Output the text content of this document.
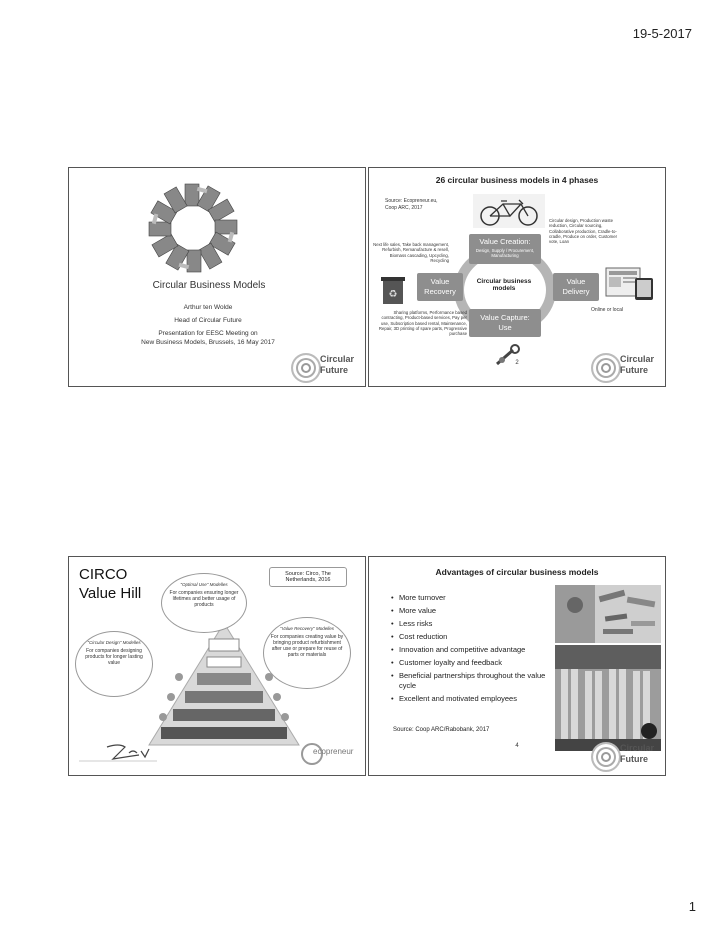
19-5-2017
Circular Business Models
Arthur ten Wolde
Head of Circular Future
Presentation for EESC Meeting on
New Business Models, Brussels, 16 May 2017
Circular
Future
26 circular business models in 4 phases
Source: Ecopreneur.eu,
Coop ARC, 2017
Circular design, Production waste reduction, Circular sourcing, Collaborative production, Cradle-to-cradle, Produce on order, Customer vote, Loan
Next life sales, Take back management, Refurbish, Remanufacture & resell, Biomass cascading, Upcycling, Recycling
Value Creation:
Design, Supply / Procurement, Manufacturing
Value
Recovery
Circular business
models
Value
Delivery
♻
Online or local
Sharing platforms, Performance based contracting, Product-based services, Pay per use, Subscription based rental, Maintenance, Repair, 3D printing of spare parts, Progressive purchase
Value Capture:
Use
2	Circular
Future
CIRCO
Value Hill
Source: Circo, The Netherlands, 2016
"Optimal Use" Modelles
For companies ensuring longer lifetimes and better usage of products
"Circular Design" Modelles
For companies designing products for longer lasting value
"Value Recovery" Modelles
For companies creating value by bringing product refurbishment after use or prepare for reuse of parts or materials
ecopreneur
Advantages of circular business models
• More turnover
• More value
• Less risks
• Cost reduction
• Innovation and competitive advantage
• Customer loyalty and feedback
• Beneficial partnerships throughout the value cycle
• Excellent and motivated employees
Source: Coop ARC/Rabobank, 2017
4	Circular
Future
1
